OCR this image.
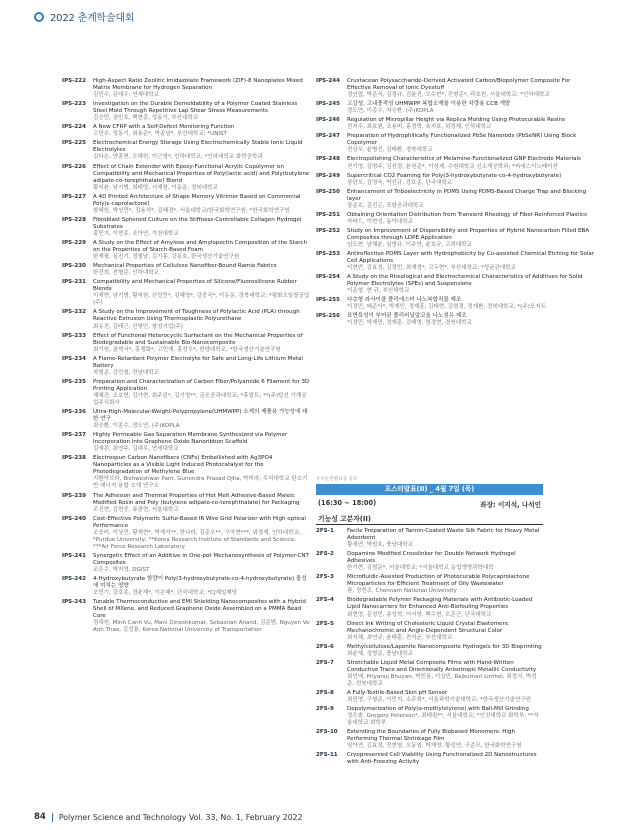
2022 춘계학술대회
IPS-222	High-Aspect Ratio Zeolitic Imidazolate Framework (ZIF)-8 Nanoplates Mixed Matrix Membrane for Hydrogen Separation
김민수, 김대우, 연세대학교
IPS-223	Investigation on the Durable Demoldability of a Polymer Coated Stainless Steel Mold Through Repetitive Lap Shear Stress Measurements
김승민, 권민호, 백현종, 성동기, 부산대학교
IPS-224	A New CFRP with a Self-Defect Monitoring Function
고민수, 성동기, 최용준*, 박종남*, 부산대학교; *UNIST
IPS-225	Electrochemical Energy Storage Using Electrochemically Stable Ionic Liquid Electrolytes
김다은, 양홍현, 오혜원, 이근형*, 인하대학교; *인하대학교 화학공학과
IPS-226	Effect of Chain Extender with Epoxy-Functional Acrylic Copolymer on Compatibility and Mechanical Properties of Poly(lactic acid) and Poly(butylene adipate-co-terephthalate) Blend
황지윤, 남기범, 최태영, 서재원, 이동운, 경북대학교
IPS-227	A 4D Printed Architecture of Shape Memory Vitrimer Based on Commercial Poly(ε-caprolactone)
함혜원, 박성민*, 김용석*, 김혜경*, 서울대학교/한국화학연구원; *한국화학연구원
IPS-228	Fibroblast Spheroid Culture on the Stiffness-Controllable Collagen Hydrogel Substrates
홍민지, 이현종, 조아연, 가천대학교
IPS-229	A Study on the Effect of Amylose and Amylopectin Composition of the Starch on the Properties of Starch-Based Foam
한재필, 심진기, 정철남, 김기홍, 강동호, 한국생산기술연구원
IPS-230	Mechanical Properties of Cellulose Nanofiber-Bound Ramie Fabrics
한건희, 전형준, 인하대학교
IPS-231	Compatibility and Mechanical Properties of Silicone/Fluorosilicone Rubber Blends
이재현, 남기범, 황지원, 신성민*, 김혜영*, 강중국*, 이동운, 경북대학교; *평화오일씰공업(주)
IPS-232	A Study on the Improvement of Toughness of Polylactic Acid (PLA) through Reactive Extrusion Using Thermoplastic Polyurethane
최유진, 김태근, 진형민, 창성기업(주)
IPS-233	Effect of Functional Heterocyclic Surfactant on the Mechanical Properties of Biodegradable and Sustainable Bio-Nanocomposite
최기원, 권혁서*, 홍쟁화*, 고민재, 홍성우*, 한양대학교; *한국생산기술연구원
IPS-234	A Flame-Retardant Polymer Electrolyte for Safe and Long-Life Lithium Metal Battery
차형준, 강민철, 전남대학교
IPS-235	Preparation and Characterization of Carbon Fiber/Polyamide 6 Filament for 3D Printing Application
채혜진, 조호현, 김가현, 최주린*, 김기영**, 금오공과대학교; *휴빌트; **(주)탑선 기계공업주식회사
IPS-236	Ultra-High-Molecular-Weight-Polypropylene(UHMWPP) 소재의 제품용 가능성에 대한 연구
최승환, 이종수, 정도연, (주)KOPLA
IPS-237	Highly Permeable Gas Separation Membrane Synthesized via Polymer Incorporation into Graphene Oxide Nanoribbon Scaffold
김예은, 최연주, 김대우, 연세대학교
IPS-238	Electrospun Carbon Nanofibers (CNFs) Embellished with Ag3PO4 Nanoparticles as a Visible Light Induced Photocatalyst for the Photodegradation of Methylene Blue
지환아브라, Bishweshwar Pant, Gunendra Prasad Ojha, 박미라, 우석대학교 탄소기반 에너지 융합 소재 연구소
IPS-239	The Adhesion and Thermal Properties of Hot Melt Adhesive-Based Maleic Modified Rosin and Poly (butylene adipate-co-terephthalate) for Packaging
조진현, 김현중, 류광현, 서울대학교
IPS-240	Cost-Effective Polymeric Sulfur-Based IR Wire Grid Polarizer with High optical Performance
조웅비, 이상민, 황재현*, 박재석**, 한나라, 김준오**, 구자현***, 위정재, 인하대학교; *Purdue University; **Korea Research Institute of Standards and Science; ***Air Force Research Laboratory
IPS-241	Synergetic Effect of an Additive in One-pot Mechanosynthesis of Polymer-CNT Composites
조은수, 박지영, DGIST
IPS-242	4-Hydroxybutyrate 함량이 Poly(3-hydroxybutyrate-co-4-hydroxybutyrate) 물성에 미치는 영향
조민기, 강호종, 경윤재*, 이은혜*, 단국대학교; *CJ제일제당
IPS-243	Tunable Thermoconductive and EMI Shielding Nanocomposites with a Hybrid Shell of MXene, and Reduced Graphene Oxide Assembled on a PMMA Bead Core
정대원, Minh Canh Vu, Mani Dineshkumar, Sebastian Anand, 김준범, Nguyen Vo Anh Thao, 김성룡, Korea National University of Transportation
IPS-244	Crustacean Polysaccharide-Derived Activated Carbon/Biopolymer Composite For Effective Removal of Ionic Dyestuff
정인엽, 박준식, 김정규, 김윤진, 오수빈*, 진형준*, 곽호원, 서울대학교; *인하대학교
IPS-245	고강성, 고내충격성 UHMWPP 복합소재를 이용한 차량용 CCB 개발
정도연, 이종수, 차승환, (주)KOPLA
IPS-246	Regulation of Micropillar Height via Replica Molding Using Photocurable Resins
전지수, 최호원, 조용비, 홍정혁, 육지호, 위정재, 인하대학교
IPS-247	Preparation of Hydrophilically Functionalized PbSe Nanorods (PbSeNR) Using Block Copolymer
전상우, 윤병진, 김태환, 경북대학교
IPS-248	Electropolishing Characteristics of Melamine-Functionalized GNP Electrode Materials
전기영, 김명주, 김선경, 윤원준*, 이성제, 수원대학교 신소재공학과; *씨에스이노베이션
IPS-249	Supercritical CO2 Foaming for Poly(3-hydroxybutyrate-co-4-hydroxybutyrate)
장단오, 김영욱, 박선규, 강호종, 단국대학교
IPS-250	Enhancement of Triboelectricity in PDMS Using PDMS-Based Charge Trap and Blocking layer
장준호, 김진곤, 포항공과대학교
IPS-251	Obtaining Orientation Distribution from Transient Rheology of Fiber-Reinforced Plastics
자바드, 이현성, 동아대학교
IPS-252	Study on Improvement of Dispersibility and Properties of Hybrid Nanocarbon Filled EBA Composites through LDPE Application
임도현, 남채윤, 임형규, 이주연, 윤호규, 고려대학교
IPS-253	Antireflective PDMS Layer with Hydrophobicity by Cu-assisted Chemical Etching for Solar Cell Applications
이현빈, 김효정, 김경민, 최재경*, 고두현*, 부산대학교; *성균관대학교
IPS-254	A Study on the Rheological and Electrochemical Characteristics of Additives for Solid Polymer Electrolytes (SPEs) and Suspensions
이준형, 현 규, 부산대학교
IPS-255	다층형 라사이클 폴리에스터 나노복합직물 제조
이정민, 배준아*, 박재민, 정재훈, 김태현, 김영경, 정재환, 경북대학교; *(주)포지트
IPS-256	표면특성이 부여된 폴리비닐알코올 나노섬유 제조
이정민, 박재민, 정재훈, 김태영, 영경현, 경북대학교
우수논문발표상 응모
포스터발표(II) _ 4월 7일 (목)
(16:30 ~ 18:00)	좌장: 이지석, 나석인
기능성 고분자(II)
2FS-1	Facile Preparation of Tannin-Coated Waste Silk Fabric for Heavy Metal Adsorbent
황세연, 박원호, 충남대학교
2FS-2	Dopamine Modified Crosslinker for Double Network Hydrogel Adhesives
한기현, 김형문*, 서울대학교; *서울대학교 농업생명과학대학
2FS-3	Microfluidic-Assisted Production of Photocurable Polycaprolactone Microparticles for Efficient Treatment of Oily Wastewater
팜, 정현조, Chonnam National University
2FS-4	Biodegradable Polymer Packaging Materials with Antibiotic-Loaded Lipid Nanocarriers for Enhanced Anti-Biofouling Properties
최현영, 문정민, 송성혁, 이서영, 백수현, 오준근, 단국대학교
2FS-5	Direct Ink Writing of Cholesteric Liquid Crystal Elastomers: Mechanochromic and Angle-Dependent Structural Color
최지혜, 최연규, 윤태훈, 전석균, 부산대학교
2FS-6	Methylcellulose/Laponite Nanocomposite Hydrogels for 3D Bioprinting
최윤혜, 정형준, 충남대학교
2FS-7	Stretchable Liquid Metal Composite Films with Hand-Written Conductive Trace and Directionally Anisotropic Metallic Conductivity
최민예, Priyanuj Bhuyan, 박민용, 이상민, Rajkumari Linthoi, 최정식, 박성준, 전북대학교
2FS-8	A Fully-Textile-Based Skin pH Sensor
최민영, 구형준, 이민지, 소주희*, 서울과학기술대학교; *한국생산기술연구원
2FS-9	Depolymerization of Poly(α-methylstyrene) with Ball-Mill Grinding
정은솔, Gregory Peterson*, 최태림**, 서울대학교; *인천대학교 화학부; **서울대학교 화학부
2FS-10	Extending the Boundaries of Fully Biobased Monomers: High Performing Thermal Shrinkage Film
임아연, 김효정, 전현열, 오동엽, 박재영, 황성연, 구준모, 한국화학연구원
2FS-11	Cryopreserved Cell Viability Using Functionalized 2D Nanostructures with Anti-Freezing Activity
84 Polymer Science and Technology Vol. 33, No. 1, February 2022
